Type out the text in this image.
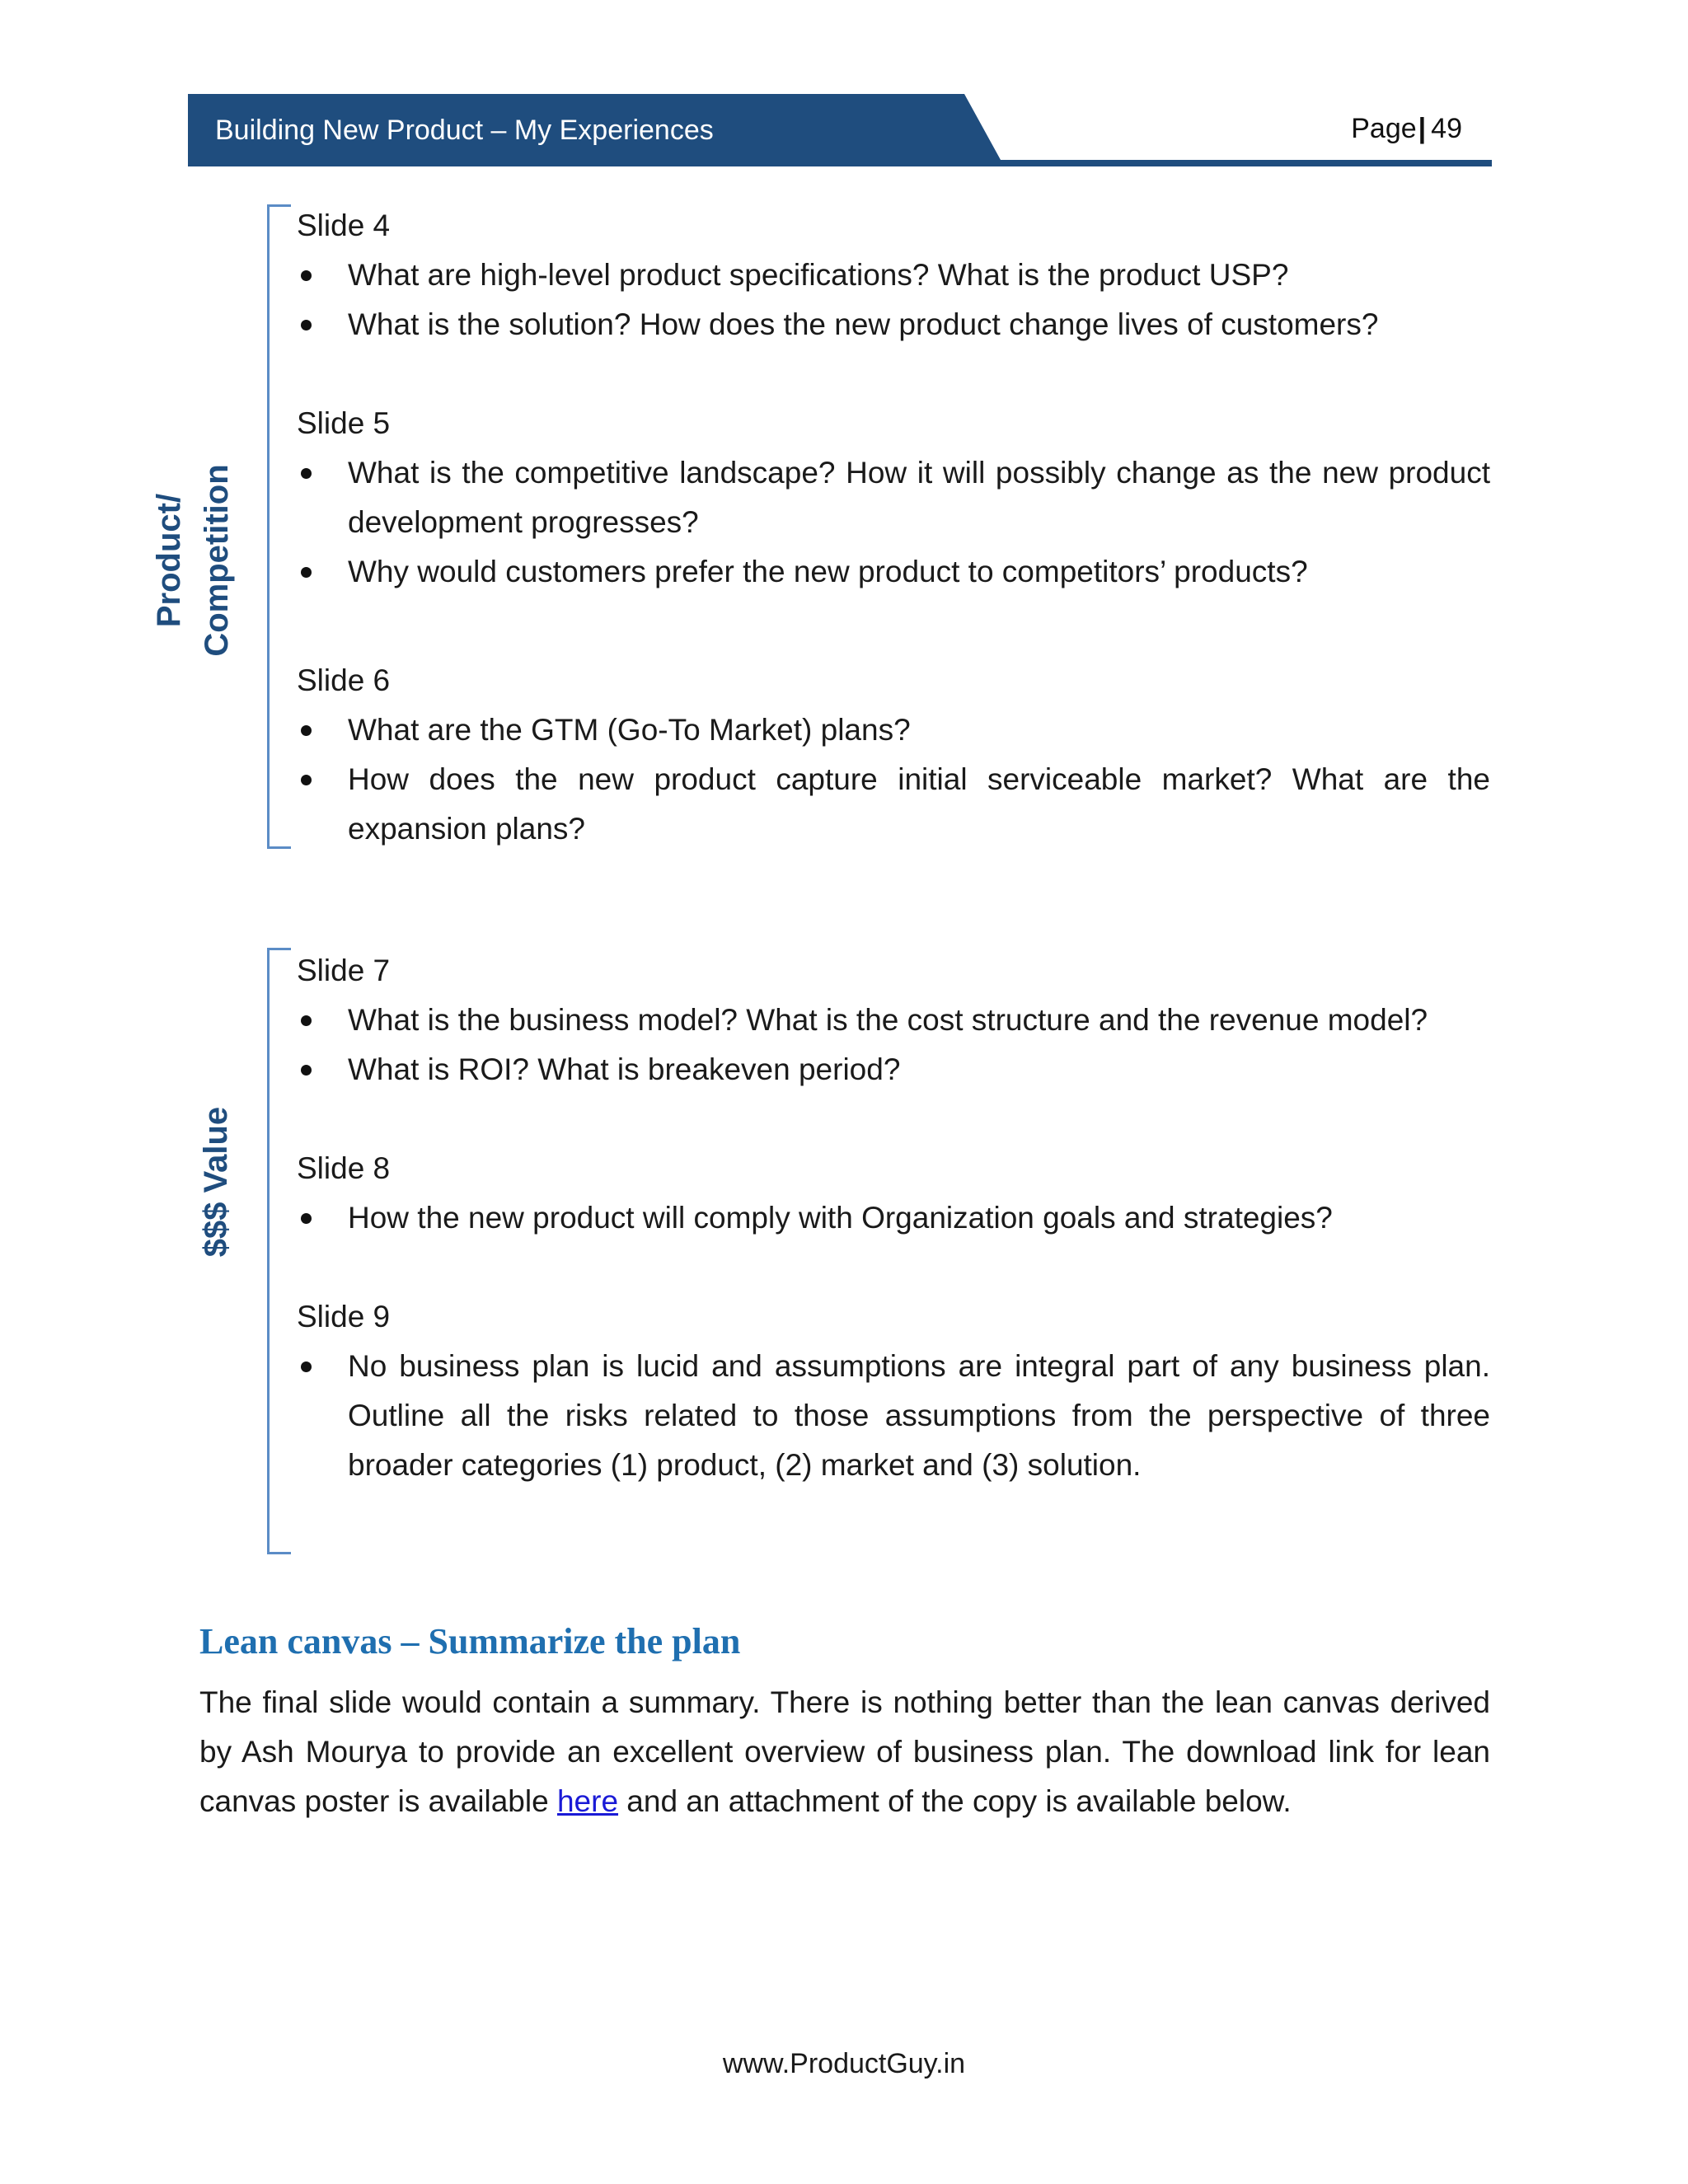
Building New Product – My Experiences	Page| 49
Product/ Competition
Slide 4
What are high-level product specifications? What is the product USP?
What is the solution? How does the new product change lives of customers?
Slide 5
What is the competitive landscape? How it will possibly change as the new product development progresses?
Why would customers prefer the new product to competitors’ products?
Slide 6
What are the GTM (Go-To Market) plans?
How does the new product capture initial serviceable market? What are the expansion plans?
$$$ Value
Slide 7
What is the business model? What is the cost structure and the revenue model?
What is ROI? What is breakeven period?
Slide 8
How the new product will comply with Organization goals and strategies?
Slide 9
No business plan is lucid and assumptions are integral part of any business plan. Outline all the risks related to those assumptions from the perspective of three broader categories (1) product, (2) market and (3) solution.
Lean canvas – Summarize the plan

The final slide would contain a summary. There is nothing better than the lean canvas derived by Ash Mourya to provide an excellent overview of business plan. The download link for lean canvas poster is available here and an attachment of the copy is available below.

www.ProductGuy.in
